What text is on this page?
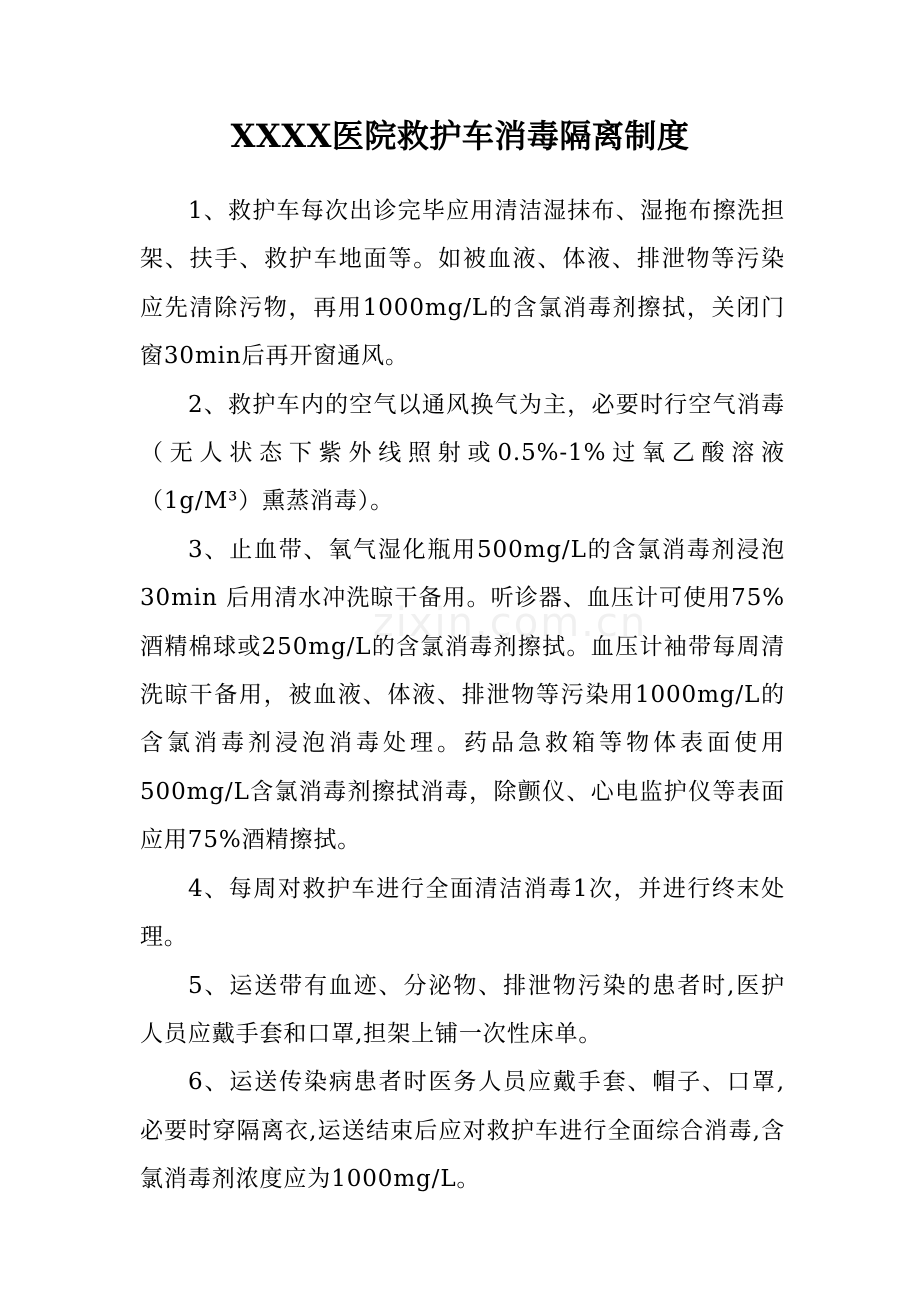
XXXX医院救护车消毒隔离制度

1、救护车每次出诊完毕应用清洁湿抹布、湿拖布擦洗担架、扶手、救护车地面等。如被血液、体液、排泄物等污染应先清除污物，再用1000mg/L的含氯消毒剂擦拭，关闭门窗30min后再开窗通风。

2、救护车内的空气以通风换气为主，必要时行空气消毒（无人状态下紫外线照射或0.5%-1%过氧乙酸溶液（1g/M³）熏蒸消毒）。

3、止血带、氧气湿化瓶用500mg/L的含氯消毒剂浸泡30min 后用清水冲洗晾干备用。听诊器、血压计可使用75%酒精棉球或250mg/L的含氯消毒剂擦拭。血压计袖带每周清洗晾干备用，被血液、体液、排泄物等污染用1000mg/L的含氯消毒剂浸泡消毒处理。药品急救箱等物体表面使用500mg/L含氯消毒剂擦拭消毒，除颤仪、心电监护仪等表面应用75%酒精擦拭。

4、每周对救护车进行全面清洁消毒1次，并进行终末处理。

5、运送带有血迹、分泌物、排泄物污染的患者时,医护人员应戴手套和口罩,担架上铺一次性床单。

6、运送传染病患者时医务人员应戴手套、帽子、口罩,必要时穿隔离衣,运送结束后应对救护车进行全面综合消毒,含氯消毒剂浓度应为1000mg/L。

zixin.com.cn
